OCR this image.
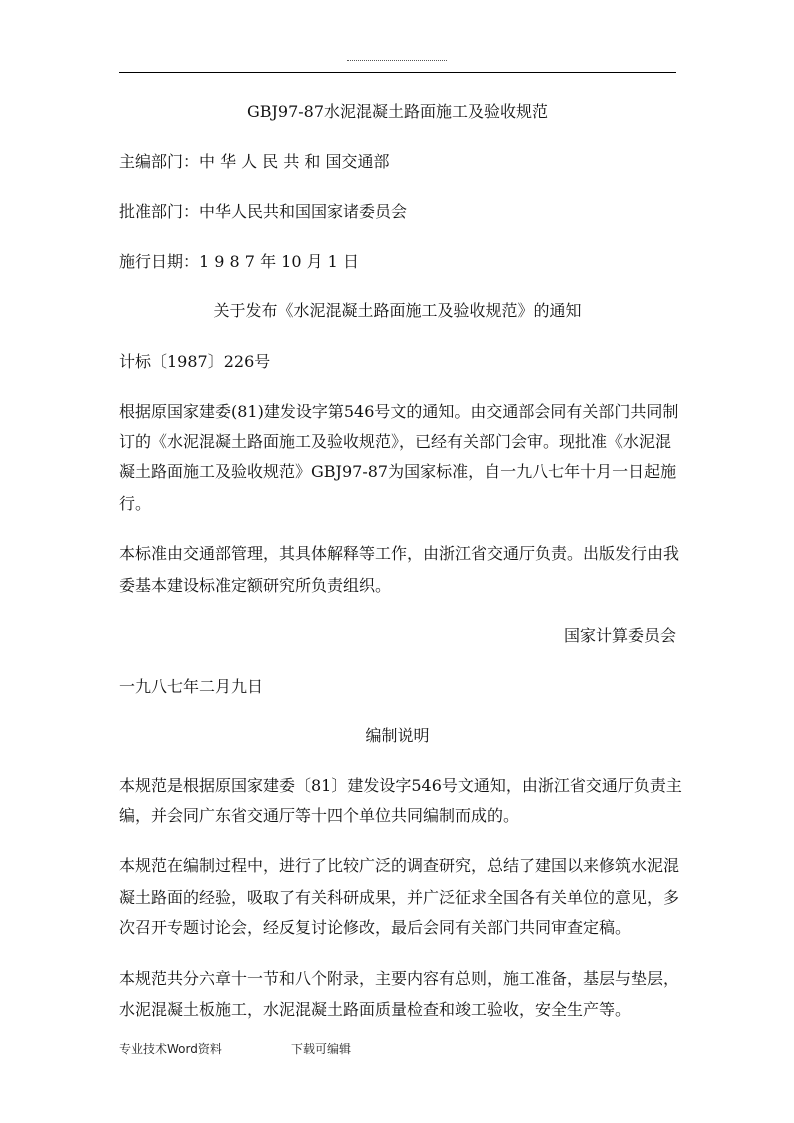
GBJ97-87水泥混凝土路面施工及验收规范
主编部门：中 华 人 民 共 和 国交通部
批准部门：中华人民共和国国家诸委员会
施行日期：1 9 8 7 年 10 月 1 日
关于发布《水泥混凝土路面施工及验收规范》的通知
计标〔1987〕226号
根据原国家建委(81)建发设字第546号文的通知。由交通部会同有关部门共同制
订的《水泥混凝土路面施工及验收规范》，已经有关部门会审。现批准《水泥混
凝土路面施工及验收规范》GBJ97-87为国家标准，自一九八七年十月一日起施
行。
本标准由交通部管理，其具体解释等工作，由浙江省交通厅负责。出版发行由我
委基本建设标准定额研究所负责组织。
国家计算委员会
一九八七年二月九日
编制说明
本规范是根据原国家建委〔81〕建发设字546号文通知，由浙江省交通厅负责主
编，并会同广东省交通厅等十四个单位共同编制而成的。
本规范在编制过程中，进行了比较广泛的调查研究，总结了建国以来修筑水泥混
凝土路面的经验，吸取了有关科研成果，并广泛征求全国各有关单位的意见，多
次召开专题讨论会，经反复讨论修改，最后会同有关部门共同审查定稿。
本规范共分六章十一节和八个附录，主要内容有总则，施工准备，基层与垫层，
水泥混凝土板施工，水泥混凝土路面质量检查和竣工验收，安全生产等。
专业技术Word资料	下载可编辑
